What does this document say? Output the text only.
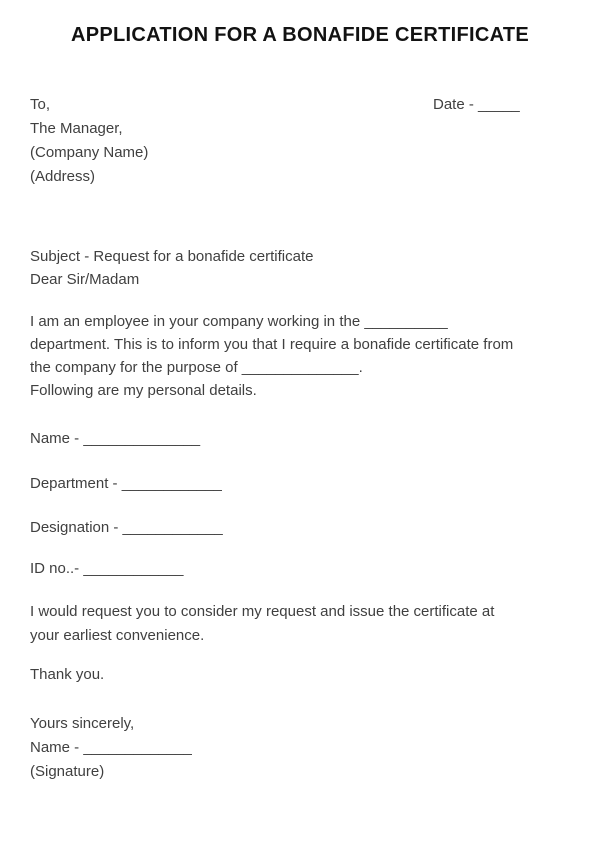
APPLICATION FOR A BONAFIDE CERTIFICATE
To,
The Manager,
(Company Name)
(Address)
Date - _____
Subject - Request for a bonafide certificate
Dear Sir/Madam
I am an employee in your company working in the __________
department. This is to inform you that I require a bonafide certificate from
the company for the purpose of ______________.
Following are my personal details.
Name - ______________
Department - ____________
Designation - ____________
ID no..- ____________
I would request you to consider my request and issue the certificate at
your earliest convenience.
Thank you.
Yours sincerely,
Name - _____________
(Signature)
